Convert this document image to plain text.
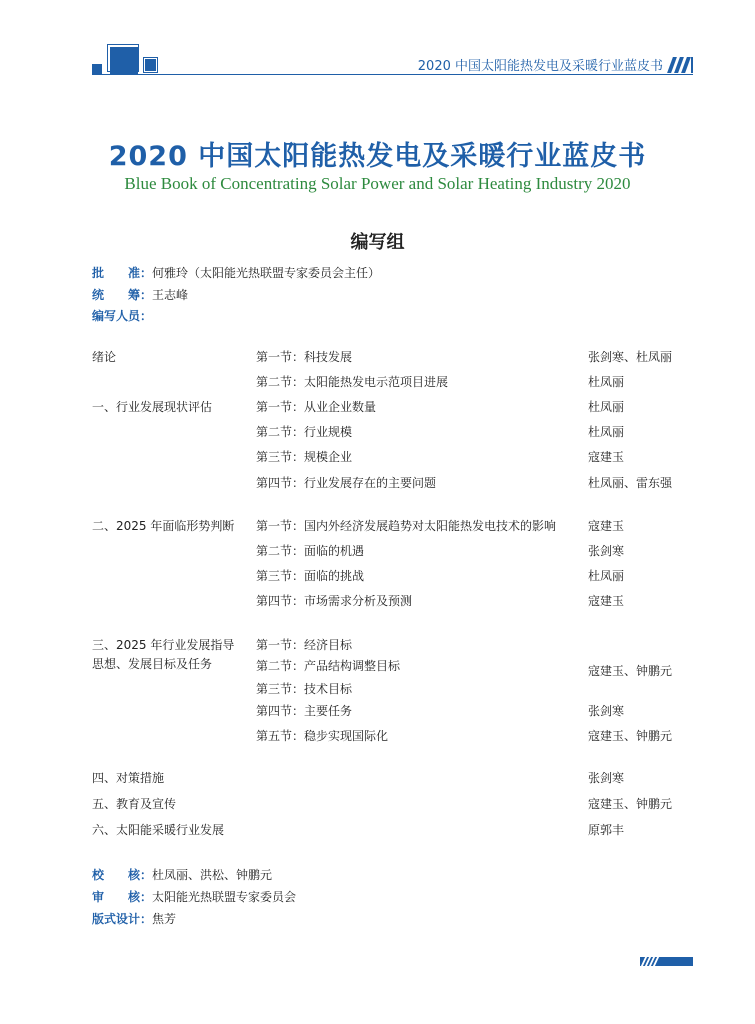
2020 中国太阳能热发电及采暖行业蓝皮书
2020 中国太阳能热发电及采暖行业蓝皮书
Blue Book of Concentrating Solar Power and Solar Heating Industry 2020
编写组
批　　准：何雅玲（太阳能光热联盟专家委员会主任）
统　　筹：王志峰
编写人员：
绪论
一、行业发展现状评估
二、2025 年面临形势判断
三、2025 年行业发展指导
思想、发展目标及任务
四、对策措施
五、教育及宣传
六、太阳能采暖行业发展
第一节：科技发展
第二节：太阳能热发电示范项目进展
第一节：从业企业数量
第二节：行业规模
第三节：规模企业
第四节：行业发展存在的主要问题
第一节：国内外经济发展趋势对太阳能热发电技术的影响
第二节：面临的机遇
第三节：面临的挑战
第四节：市场需求分析及预测
第一节：经济目标
第二节：产品结构调整目标
第三节：技术目标
第四节：主要任务
第五节：稳步实现国际化
张剑寒、杜凤丽
杜凤丽
杜凤丽
杜凤丽
寇建玉
杜凤丽、雷东强
寇建玉
张剑寒
杜凤丽
寇建玉
寇建玉、钟鹏元
张剑寒
寇建玉、钟鹏元
张剑寒
寇建玉、钟鹏元
原郭丰
校　　核：杜凤丽、洪松、钟鹏元
审　　核：太阳能光热联盟专家委员会
版式设计：焦芳
